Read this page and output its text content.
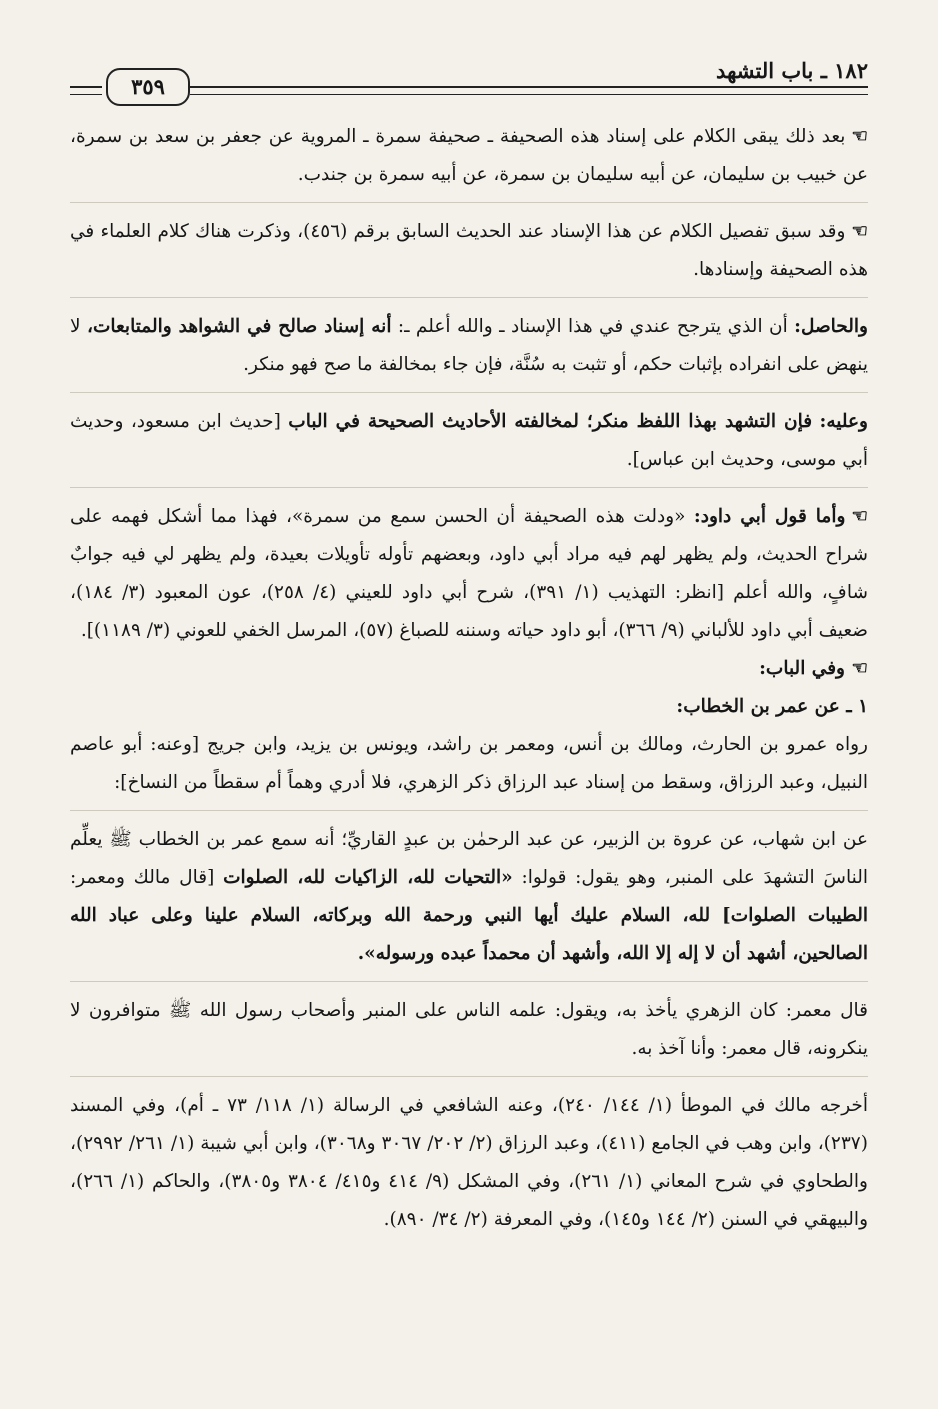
١٨٢ ـ باب التشهد
٣٥٩

☜بعد ذلك يبقى الكلام على إسناد هذه الصحيفة ـ صحيفة سمرة ـ المروية عن جعفر بن سعد بن سمرة، عن خبيب بن سليمان، عن أبيه سليمان بن سمرة، عن أبيه سمرة بن جندب.

☜وقد سبق تفصيل الكلام عن هذا الإسناد عند الحديث السابق برقم (٤٥٦)، وذكرت هناك كلام العلماء في هذه الصحيفة وإسنادها.

والحاصل: أن الذي يترجح عندي في هذا الإسناد ـ والله أعلم ـ: أنه إسناد صالح في الشواهد والمتابعات، لا ينهض على انفراده بإثبات حكم، أو تثبت به سُنَّة، فإن جاء بمخالفة ما صح فهو منكر.

وعليه: فإن التشهد بهذا اللفظ منكر؛ لمخالفته الأحاديث الصحيحة في الباب [حديث ابن مسعود، وحديث أبي موسى، وحديث ابن عباس].

☜وأما قول أبي داود: «ودلت هذه الصحيفة أن الحسن سمع من سمرة»، فهذا مما أشكل فهمه على شراح الحديث، ولم يظهر لهم فيه مراد أبي داود، وبعضهم تأوله تأويلات بعيدة، ولم يظهر لي فيه جوابٌ شافٍ، والله أعلم [انظر: التهذيب (١/ ٣٩١)، شرح أبي داود للعيني (٤/ ٢٥٨)، عون المعبود (٣/ ١٨٤)، ضعيف أبي داود للألباني (٩/ ٣٦٦)، أبو داود حياته وسننه للصباغ (٥٧)، المرسل الخفي للعوني (٣/ ١١٨٩)].

☜ وفي الباب:

١ ـ عن عمر بن الخطاب:

رواه عمرو بن الحارث، ومالك بن أنس، ومعمر بن راشد، ويونس بن يزيد، وابن جريج [وعنه: أبو عاصم النبيل، وعبد الرزاق، وسقط من إسناد عبد الرزاق ذكر الزهري، فلا أدري وهماً أم سقطاً من النساخ]:

عن ابن شهاب، عن عروة بن الزبير، عن عبد الرحمٰن بن عبدٍ القاريِّ؛ أنه سمع عمر بن الخطاب ﷺ يعلِّم الناسَ التشهدَ على المنبر، وهو يقول: قولوا: «التحيات لله، الزاكيات لله، الصلوات [قال مالك ومعمر: الطيبات الصلوات] لله، السلام عليك أيها النبي ورحمة الله وبركاته، السلام علينا وعلى عباد الله الصالحين، أشهد أن لا إله إلا الله، وأشهد أن محمداً عبده ورسوله».

قال معمر: كان الزهري يأخذ به، ويقول: علمه الناس على المنبر وأصحاب رسول الله ﷺ متوافرون لا ينكرونه، قال معمر: وأنا آخذ به.

أخرجه مالك في الموطأ (١/ ١٤٤/ ٢٤٠)، وعنه الشافعي في الرسالة (١/ ١١٨/ ٧٣ ـ أم)، وفي المسند (٢٣٧)، وابن وهب في الجامع (٤١١)، وعبد الرزاق (٢/ ٢٠٢/ ٣٠٦٧ و٣٠٦٨)، وابن أبي شيبة (١/ ٢٦١/ ٢٩٩٢)، والطحاوي في شرح المعاني (١/ ٢٦١)، وفي المشكل (٩/ ٤١٤ و٤١٥/ ٣٨٠٤ و٣٨٠٥)، والحاكم (١/ ٢٦٦)، والبيهقي في السنن (٢/ ١٤٤ و١٤٥)، وفي المعرفة (٢/ ٣٤/ ٨٩٠).
